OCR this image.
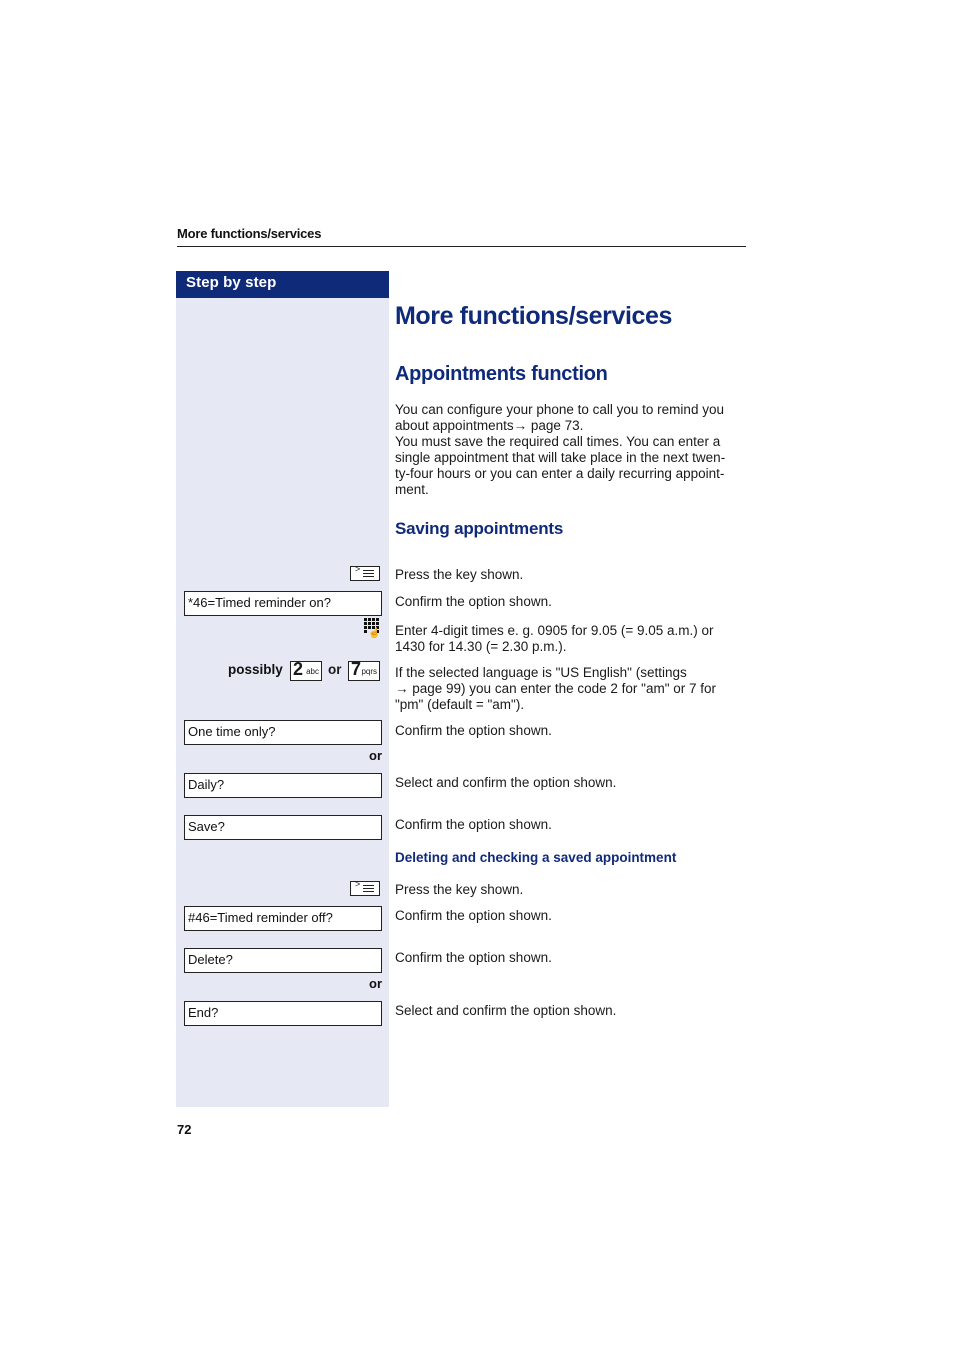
More functions/services
Step by step
More functions/services
Appointments function
You can configure your phone to call you to remind you
about appointments→ page 73.
You must save the required call times. You can enter a
single appointment that will take place in the next twen-
ty-four hours or you can enter a daily recurring appoint-
ment.
Saving appointments
>	Press the key shown.
*46=Timed reminder on?	Confirm the option shown.
☝ Enter 4-digit times e. g. 0905 for 9.05 (= 9.05 a.m.) or
1430 for 14.30 (= 2.30 p.m.).
possibly 2 abc or 7 pqrs If the selected language is "US English" (settings
→ page 99) you can enter the code 2 for "am" or 7 for
"pm" (default = "am").
One time only?	Confirm the option shown.
or
Daily?	Select and confirm the option shown.
Save?	Confirm the option shown.
Deleting and checking a saved appointment
>	Press the key shown.
#46=Timed reminder off?	Confirm the option shown.
Delete?	Confirm the option shown.
or
End?	Select and confirm the option shown.
72
